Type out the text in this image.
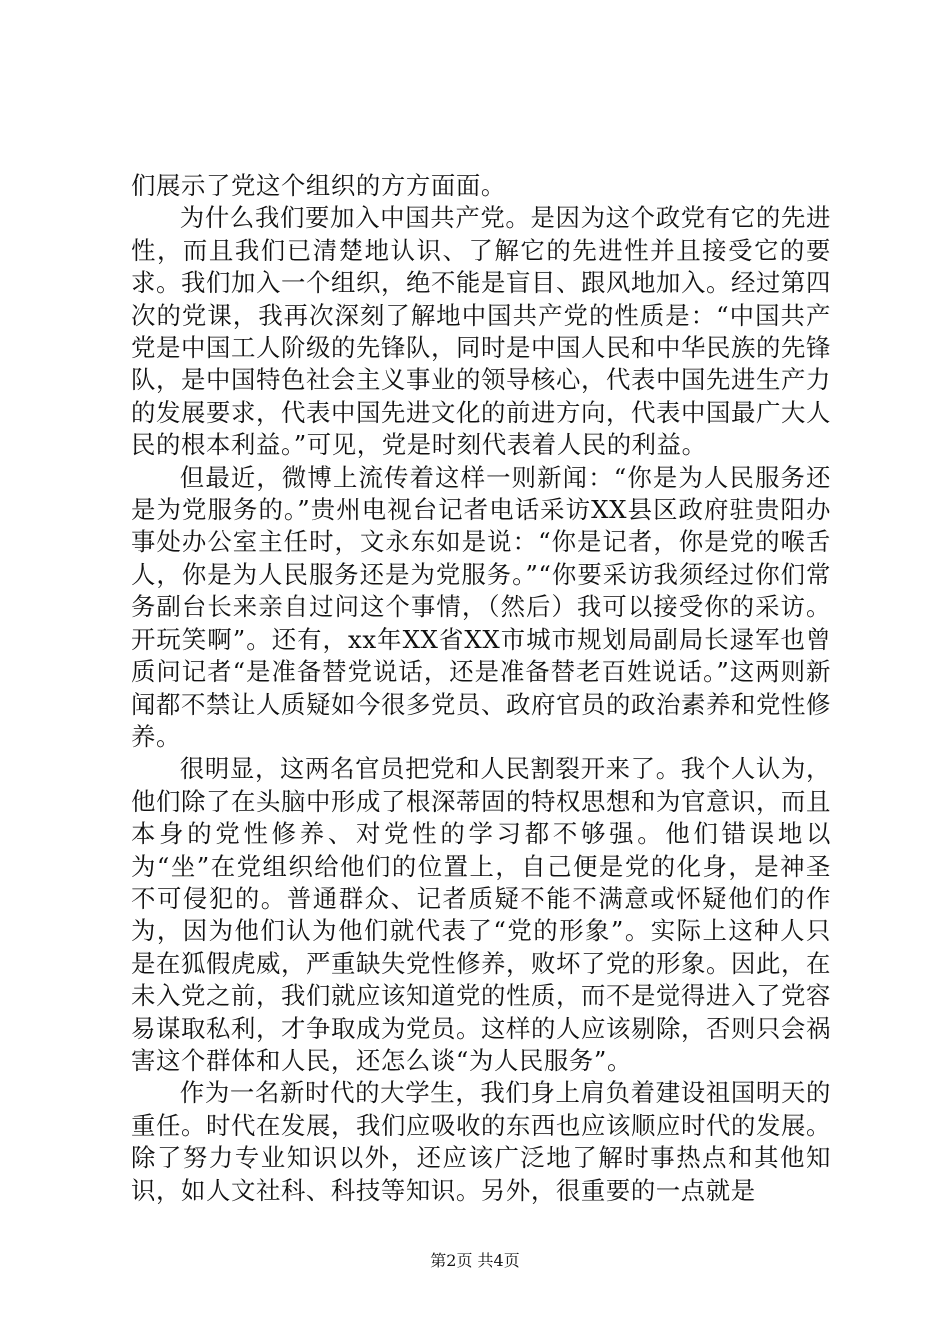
们展示了党这个组织的方方面面。

为什么我们要加入中国共产党。是因为这个政党有它的先进性，而且我们已清楚地认识、了解它的先进性并且接受它的要求。我们加入一个组织，绝不能是盲目、跟风地加入。经过第四次的党课，我再次深刻了解地中国共产党的性质是：“中国共产党是中国工人阶级的先锋队，同时是中国人民和中华民族的先锋队，是中国特色社会主义事业的领导核心，代表中国先进生产力的发展要求，代表中国先进文化的前进方向，代表中国最广大人民的根本利益。”可见，党是时刻代表着人民的利益。

但最近，微博上流传着这样一则新闻：“你是为人民服务还是为党服务的。”贵州电视台记者电话采访XX县区政府驻贵阳办事处办公室主任时，文永东如是说：“你是记者，你是党的喉舌人，你是为人民服务还是为党服务。”“你要采访我须经过你们常务副台长来亲自过问这个事情，（然后）我可以接受你的采访。开玩笑啊”。还有，xx年XX省XX市城市规划局副局长逯军也曾质问记者“是准备替党说话，还是准备替老百姓说话。”这两则新闻都不禁让人质疑如今很多党员、政府官员的政治素养和党性修养。

很明显，这两名官员把党和人民割裂开来了。我个人认为，他们除了在头脑中形成了根深蒂固的特权思想和为官意识，而且本身的党性修养、对党性的学习都不够强。他们错误地以为“坐”在党组织给他们的位置上，自己便是党的化身，是神圣不可侵犯的。普通群众、记者质疑不能不满意或怀疑他们的作为，因为他们认为他们就代表了“党的形象”。实际上这种人只是在狐假虎威，严重缺失党性修养，败坏了党的形象。因此，在未入党之前，我们就应该知道党的性质，而不是觉得进入了党容易谋取私利，才争取成为党员。这样的人应该剔除，否则只会祸害这个群体和人民，还怎么谈“为人民服务”。

作为一名新时代的大学生，我们身上肩负着建设祖国明天的重任。时代在发展，我们应吸收的东西也应该顺应时代的发展。除了努力专业知识以外，还应该广泛地了解时事热点和其他知识，如人文社科、科技等知识。另外，很重要的一点就是

第2页 共4页
